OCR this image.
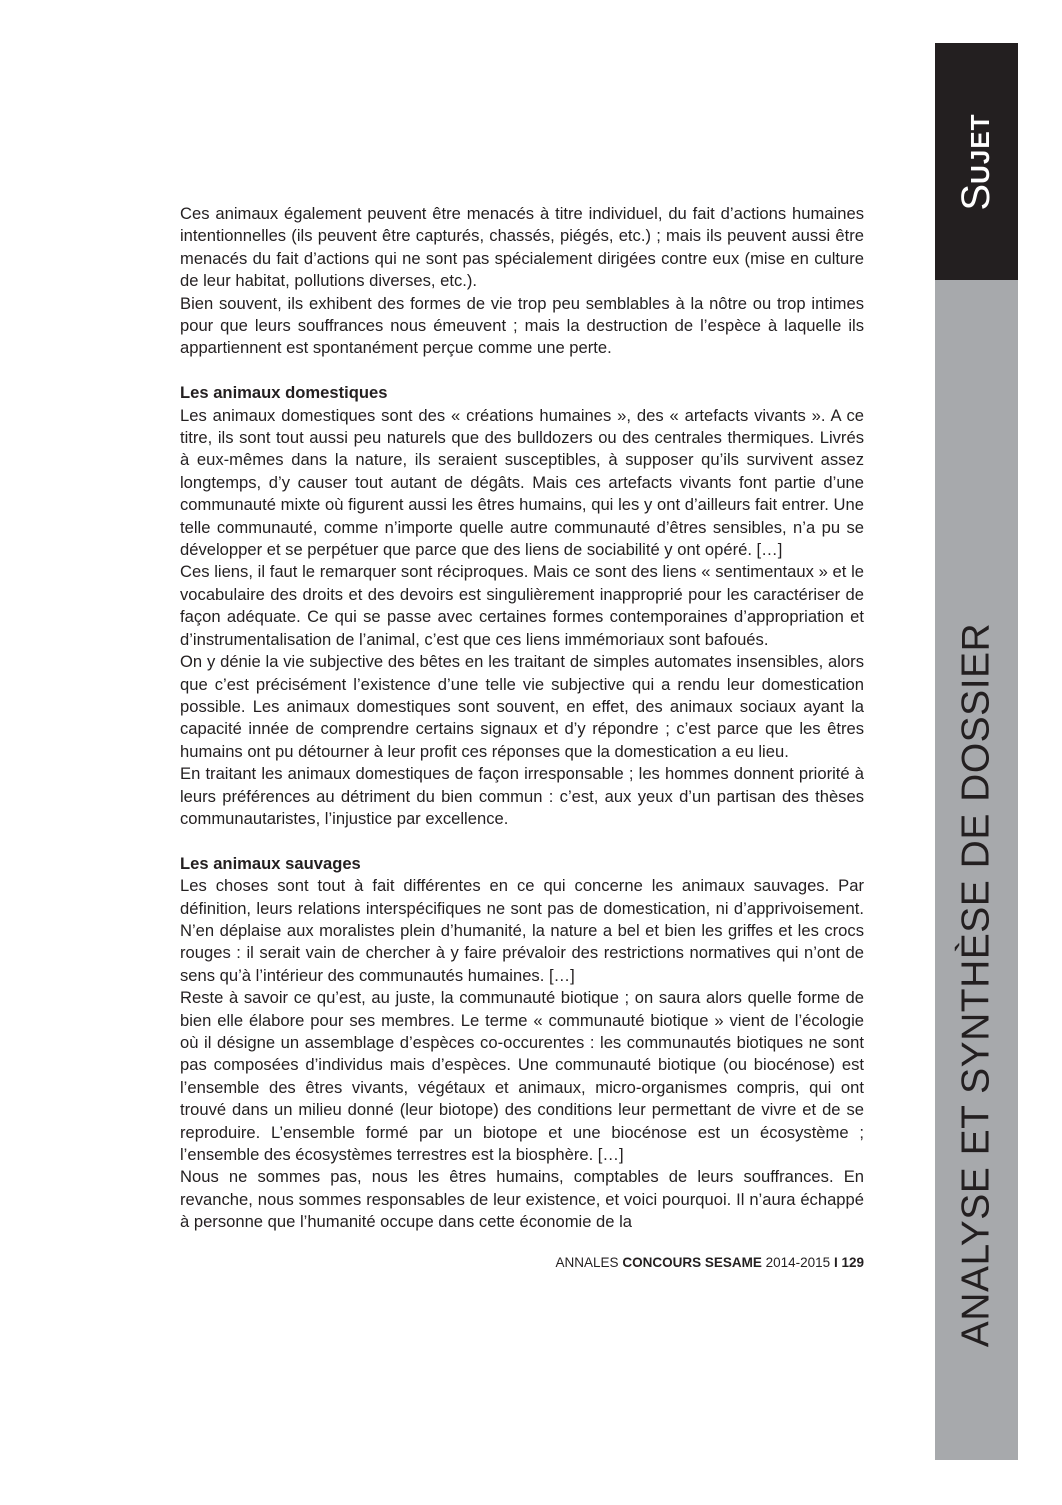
SUJET
ANALYSE ET SYNTHÈSE DE DOSSIER

Ces animaux également peuvent être menacés à titre individuel, du fait d’actions humaines intentionnelles (ils peuvent être capturés, chassés, piégés, etc.) ; mais ils peuvent aussi être menacés du fait d’actions qui ne sont pas spécialement dirigées contre eux (mise en culture de leur habitat, pollutions diverses, etc.).

Bien souvent, ils exhibent des formes de vie trop peu semblables à la nôtre ou trop intimes pour que leurs souffrances nous émeuvent ; mais la destruction de l’espèce à laquelle ils appartiennent est spontanément perçue comme une perte.

Les animaux domestiques

Les animaux domestiques sont des « créations humaines », des « artefacts vivants ». A ce titre, ils sont tout aussi peu naturels que des bulldozers ou des centrales thermiques. Livrés à eux-mêmes dans la nature, ils seraient susceptibles, à supposer qu’ils survivent assez longtemps, d’y causer tout autant de dégâts. Mais ces artefacts vivants font partie d’une communauté mixte où figurent aussi les êtres humains, qui les y ont d’ailleurs fait entrer. Une telle communauté, comme n’importe quelle autre communauté d’êtres sensibles, n’a pu se développer et se perpétuer que parce que des liens de sociabilité y ont opéré. […]

Ces liens, il faut le remarquer sont réciproques. Mais ce sont des liens « sentimentaux » et le vocabulaire des droits et des devoirs est singulièrement inapproprié pour les caractériser de façon adéquate. Ce qui se passe avec certaines formes contemporaines d’appropriation et d’instrumentalisation de l’animal, c’est que ces liens immémoriaux sont bafoués.

On y dénie la vie subjective des bêtes en les traitant de simples automates insensibles, alors que c’est précisément l’existence d’une telle vie subjective qui a rendu leur domestication possible. Les animaux domestiques sont souvent, en effet, des animaux sociaux ayant la capacité innée de comprendre certains signaux et d’y répondre ; c’est parce que les êtres humains ont pu détourner à leur profit ces réponses que la domestication a eu lieu.

En traitant les animaux domestiques de façon irresponsable ; les hommes donnent priorité à leurs préférences au détriment du bien commun : c’est, aux yeux d’un partisan des thèses communautaristes, l’injustice par excellence.

Les animaux sauvages

Les choses sont tout à fait différentes en ce qui concerne les animaux sauvages. Par définition, leurs relations interspécifiques ne sont pas de domestication, ni d’apprivoisement. N’en déplaise aux moralistes plein d’humanité, la nature a bel et bien les griffes et les crocs rouges : il serait vain de chercher à y faire prévaloir des restrictions normatives qui n’ont de sens qu’à l’intérieur des communautés humaines. […]

Reste à savoir ce qu’est, au juste, la communauté biotique ; on saura alors quelle forme de bien elle élabore pour ses membres. Le terme « communauté biotique » vient de l’écologie où il désigne un assemblage d’espèces co-occurentes : les communautés biotiques ne sont pas composées d’individus mais d’espèces. Une communauté biotique (ou biocénose) est l’ensemble des êtres vivants, végétaux et animaux, micro-organismes compris, qui ont trouvé dans un milieu donné (leur biotope) des conditions leur permettant de vivre et de se reproduire. L’ensemble formé par un biotope et une biocénose est un écosystème ; l’ensemble des écosystèmes terrestres est la biosphère. […]

Nous ne sommes pas, nous les êtres humains, comptables de leurs souffrances. En revanche, nous sommes responsables de leur existence, et voici pourquoi. Il n’aura échappé à personne que l’humanité occupe dans cette économie de la

ANNALES CONCOURS SESAME 2014-2015 I 129
